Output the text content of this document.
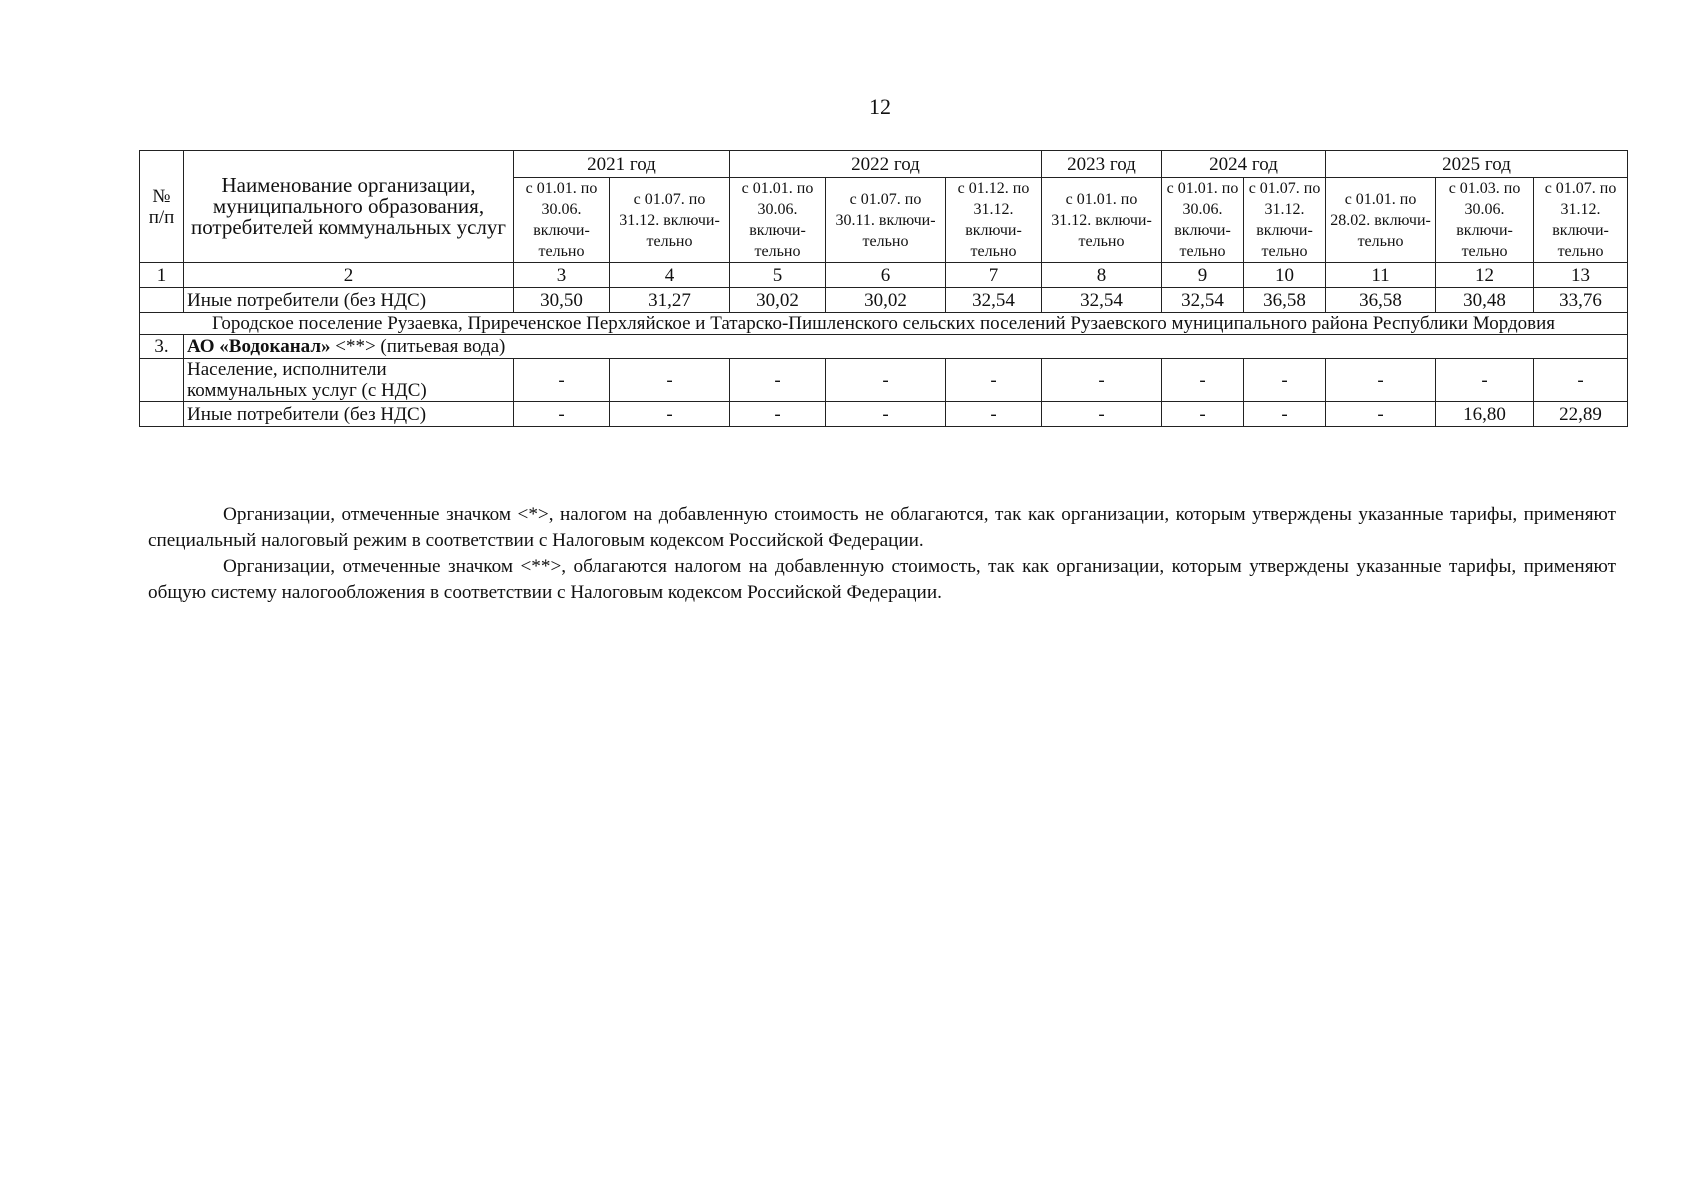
12
№ п/п	Наименование организации, муниципального образования, потребителей коммунальных услуг	2021 год		2022 год			2023 год	2024 год		2025 год		
		с 01.01. по 30.06. включи-тельно	с 01.07. по 31.12. включи-тельно	с 01.01. по 30.06. включи-тельно	с 01.07. по 30.11. включи-тельно	с 01.12. по 31.12. включи-тельно	с 01.01. по 31.12. включи-тельно	с 01.01. по 30.06. включи-тельно	с 01.07. по 31.12. включи-тельно	с 01.01. по 28.02. включи-тельно	с 01.03. по 30.06. включи-тельно	с 01.07. по 31.12. включи-тельно
1	2	3	4	5	6	7	8	9	10	11	12	13
	Иные потребители (без НДС)	30,50	31,27	30,02	30,02	32,54	32,54	32,54	36,58	36,58	30,48	33,76
Городское поселение Рузаевка, Приреченское Перхляйское и Татарско-Пишленского сельских поселений Рузаевского муниципального района Республики Мордовия												
3.	АО «Водоканал» <**> (питьевая вода)											
	Население, исполнители коммунальных услуг (с НДС)	-	-	-	-	-	-	-	-	-	-	-
	Иные потребители (без НДС)	-	-	-	-	-	-	-	-	-	16,80	22,89

Организации, отмеченные значком <*>, налогом на добавленную стоимость не облагаются, так как организации, которым утверждены указанные тарифы, применяют специальный налоговый режим в соответствии с Налоговым кодексом Российской Федерации.

Организации, отмеченные значком <**>, облагаются налогом на добавленную стоимость, так как организации, которым утверждены указанные тарифы, применяют общую систему налогообложения в соответствии с Налоговым кодексом Российской Федерации.
